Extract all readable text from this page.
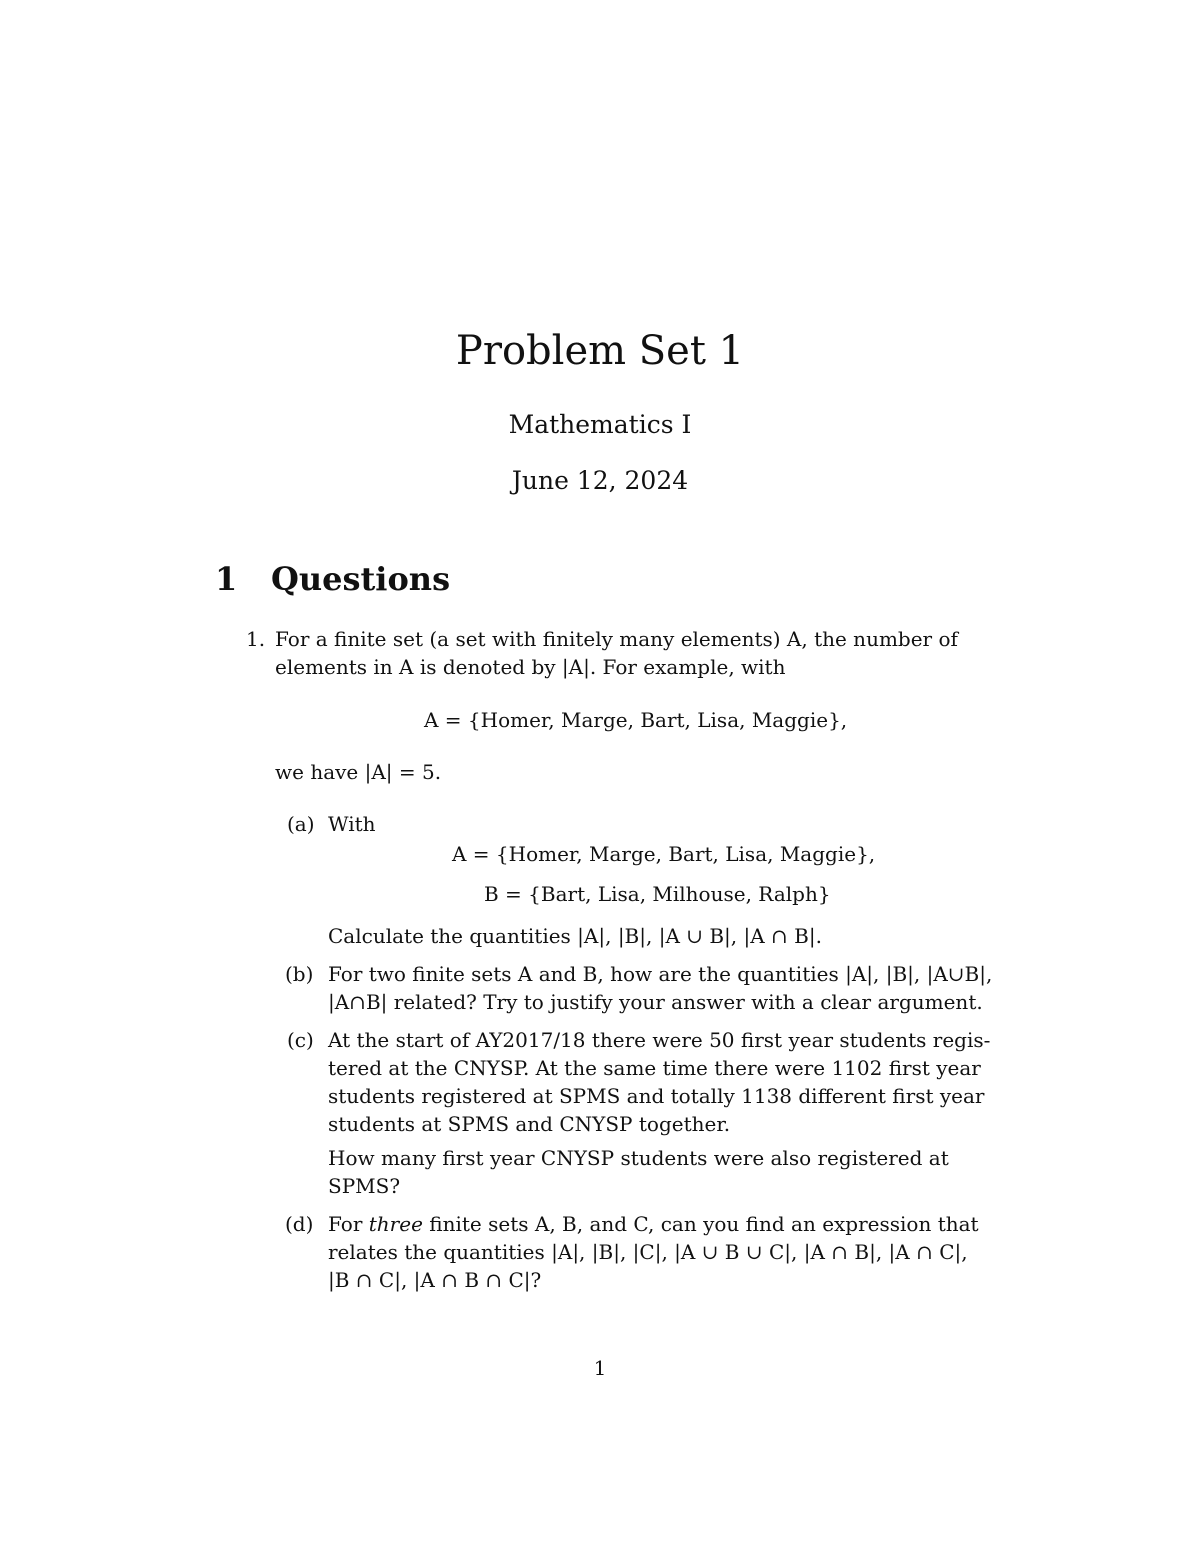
Problem Set 1
Mathematics I
June 12, 2024
1 Questions
1. For a finite set (a set with finitely many elements) A, the number of
elements in A is denoted by |A|. For example, with
A = {Homer, Marge, Bart, Lisa, Maggie},
we have |A| = 5.
(a) With
A = {Homer, Marge, Bart, Lisa, Maggie},
B = {Bart, Lisa, Milhouse, Ralph}
Calculate the quantities |A|, |B|, |A ∪ B|, |A ∩ B|.
(b) For two finite sets A and B, how are the quantities |A|, |B|, |A∪B|,
|A∩B| related? Try to justify your answer with a clear argument.
(c) At the start of AY2017/18 there were 50 first year students regis-
tered at the CNYSP. At the same time there were 1102 first year
students registered at SPMS and totally 1138 different first year
students at SPMS and CNYSP together.
How many first year CNYSP students were also registered at
SPMS?
(d) For three finite sets A, B, and C, can you find an expression that
relates the quantities |A|, |B|, |C|, |A ∪ B ∪ C|, |A ∩ B|, |A ∩ C|,
|B ∩ C|, |A ∩ B ∩ C|?
1
